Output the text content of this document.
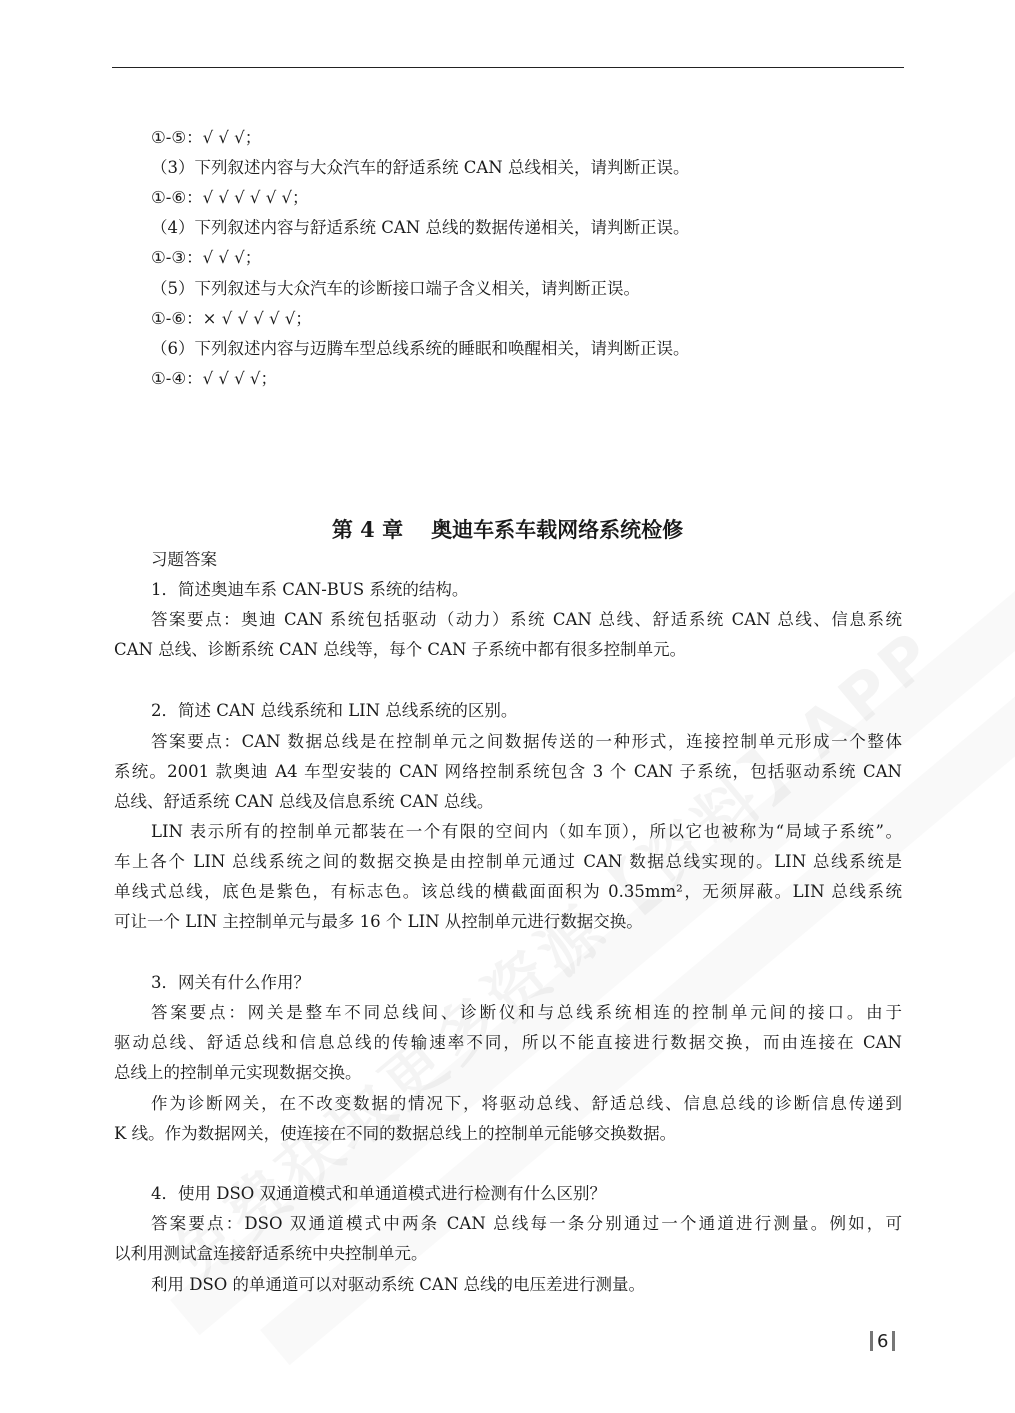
①-⑤：√ √ √；
（3）下列叙述内容与大众汽车的舒适系统 CAN 总线相关，请判断正误。
①-⑥：√ √ √ √ √ √；
（4）下列叙述内容与舒适系统 CAN 总线的数据传递相关，请判断正误。
①-③：√ √ √；
（5）下列叙述与大众汽车的诊断接口端子含义相关，请判断正误。
①-⑥：× √ √ √ √ √；
（6）下列叙述内容与迈腾车型总线系统的睡眠和唤醒相关，请判断正误。
①-④：√ √ √ √；
第 4 章 奥迪车系车载网络系统检修
习题答案
1．简述奥迪车系 CAN-BUS 系统的结构。
答案要点：奥迪 CAN 系统包括驱动（动力）系统 CAN 总线、舒适系统 CAN 总线、信息系统
CAN 总线、诊断系统 CAN 总线等，每个 CAN 子系统中都有很多控制单元。
2．简述 CAN 总线系统和 LIN 总线系统的区别。
答案要点：CAN 数据总线是在控制单元之间数据传送的一种形式，连接控制单元形成一个整体
系统。2001 款奥迪 A4 车型安装的 CAN 网络控制系统包含 3 个 CAN 子系统，包括驱动系统 CAN
总线、舒适系统 CAN 总线及信息系统 CAN 总线。
LIN 表示所有的控制单元都装在一个有限的空间内（如车顶），所以它也被称为“局域子系统”。
车上各个 LIN 总线系统之间的数据交换是由控制单元通过 CAN 数据总线实现的。LIN 总线系统是
单线式总线，底色是紫色，有标志色。该总线的横截面面积为 0.35mm²，无须屏蔽。LIN 总线系统
可让一个 LIN 主控制单元与最多 16 个 LIN 从控制单元进行数据交换。
3．网关有什么作用？
答案要点：网关是整车不同总线间、诊断仪和与总线系统相连的控制单元间的接口。由于
驱动总线、舒适总线和信息总线的传输速率不同，所以不能直接进行数据交换，而由连接在 CAN
总线上的控制单元实现数据交换。
作为诊断网关，在不改变数据的情况下，将驱动总线、舒适总线、信息总线的诊断信息传递到
K 线。作为数据网关，使连接在不同的数据总线上的控制单元能够交换数据。
4．使用 DSO 双通道模式和单通道模式进行检测有什么区别？
答案要点：DSO 双通道模式中两条 CAN 总线每一条分别通过一个通道进行测量。例如，可
以利用测试盒连接舒适系统中央控制单元。
利用 DSO 的单通道可以对驱动系统 CAN 总线的电压差进行测量。
6
